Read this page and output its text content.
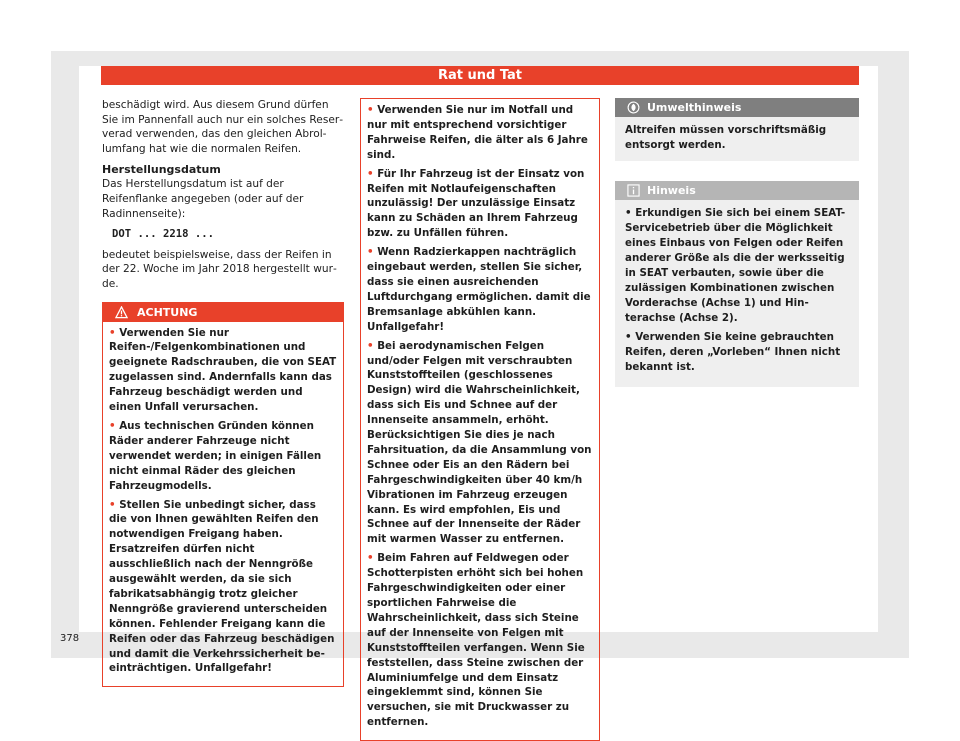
Rat und Tat
378

beschädigt wird. Aus diesem Grund dürfen Sie im Pannenfall auch nur ein solches Reserverad verwenden, das den gleichen Abrollumfang hat wie die normalen Reifen.

Herstellungsdatum

Das Herstellungsdatum ist auf der Reifenflanke angegeben (oder auf der Radinnenseite):

DOT ... 2218 ...

bedeutet beispielsweise, dass der Reifen in der 22. Woche im Jahr 2018 hergestellt wurde.

ACHTUNG
• Verwenden Sie nur Reifen-/Felgenkombinationen und geeignete Radschrauben, die von SEAT zugelassen sind. Andernfalls kann das Fahrzeug beschädigt werden und einen Unfall verursachen.
• Aus technischen Gründen können Räder anderer Fahrzeuge nicht verwendet werden; in einigen Fällen nicht einmal Räder des gleichen Fahrzeugmodells.
• Stellen Sie unbedingt sicher, dass die von Ihnen gewählten Reifen den notwendigen Freigang haben. Ersatzreifen dürfen nicht ausschließlich nach der Nenngröße ausgewählt werden, da sie sich fabrikatsabhängig trotz gleicher Nenngröße gravierend unterscheiden können. Fehlender Freigang kann die Reifen oder das Fahrzeug beschädigen und damit die Verkehrssicherheit beeinträchtigen. Unfallgefahr!
• Verwenden Sie nur im Notfall und nur mit entsprechend vorsichtiger Fahrweise Reifen, die älter als 6 Jahre sind.
• Für Ihr Fahrzeug ist der Einsatz von Reifen mit Notlaufeigenschaften unzulässig! Der unzulässige Einsatz kann zu Schäden an Ihrem Fahrzeug bzw. zu Unfällen führen.
• Wenn Radzierkappen nachträglich eingebaut werden, stellen Sie sicher, dass sie einen ausreichenden Luftdurchgang ermöglichen. damit die Bremsanlage abkühlen kann. Unfallgefahr!
• Bei aerodynamischen Felgen und/oder Felgen mit verschraubten Kunststoffteilen (geschlossenes Design) wird die Wahrscheinlichkeit, dass sich Eis und Schnee auf der Innenseite ansammeln, erhöht. Berücksichtigen Sie dies je nach Fahrsituation, da die Ansammlung von Schnee oder Eis an den Rädern bei Fahrgeschwindigkeiten über 40 km/h Vibrationen im Fahrzeug erzeugen kann. Es wird empfohlen, Eis und Schnee auf der Innenseite der Räder mit warmen Wasser zu entfernen.
• Beim Fahren auf Feldwegen oder Schotterpisten erhöht sich bei hohen Fahrgeschwindigkeiten oder einer sportlichen Fahrweise die Wahrscheinlichkeit, dass sich Steine auf der Innenseite von Felgen mit Kunststoffteilen verfangen. Wenn Sie feststellen, dass Steine zwischen der Aluminiumfelge und dem Einsatz eingeklemmt sind, können Sie versuchen, sie mit Druckwasser zu entfernen.
Umwelthinweis
Altreifen müssen vorschriftsmäßig entsorgt werden.
Hinweis
• Erkundigen Sie sich bei einem SEAT-Servicebetrieb über die Möglichkeit eines Einbaus von Felgen oder Reifen anderer Größe als die der werksseitig in SEAT verbauten, sowie über die zulässigen Kombinationen zwischen Vorderachse (Achse 1) und Hinterachse (Achse 2).
• Verwenden Sie keine gebrauchten Reifen, deren „Vorleben“ Ihnen nicht bekannt ist.
